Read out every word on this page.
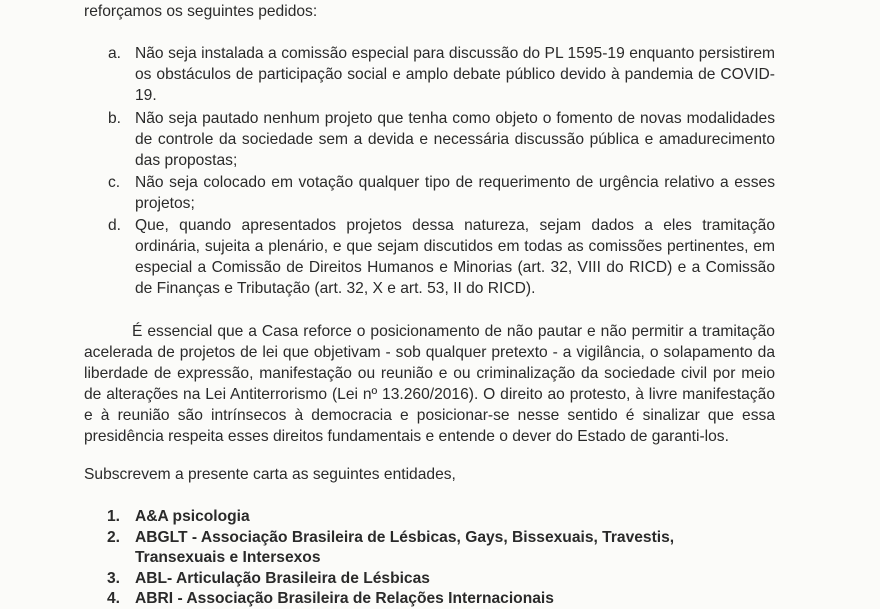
reforçamos os seguintes pedidos:
a. Não seja instalada a comissão especial para discussão do PL 1595-19 enquanto persistirem
os obstáculos de participação social e amplo debate público devido à pandemia de COVID-
19.
b. Não seja pautado nenhum projeto que tenha como objeto o fomento de novas modalidades
de controle da sociedade sem a devida e necessária discussão pública e amadurecimento
das propostas;
c. Não seja colocado em votação qualquer tipo de requerimento de urgência relativo a esses
projetos;
d. Que, quando apresentados projetos dessa natureza, sejam dados a eles tramitação
ordinária, sujeita a plenário, e que sejam discutidos em todas as comissões pertinentes, em
especial a Comissão de Direitos Humanos e Minorias (art. 32, VIII do RICD) e a Comissão
de Finanças e Tributação (art. 32, X e art. 53, II do RICD).
É essencial que a Casa reforce o posicionamento de não pautar e não permitir a tramitação
acelerada de projetos de lei que objetivam - sob qualquer pretexto - a vigilância, o solapamento da
liberdade de expressão, manifestação ou reunião e ou criminalização da sociedade civil por meio
de alterações na Lei Antiterrorismo (Lei nº 13.260/2016). O direito ao protesto, à livre manifestação
e à reunião são intrínsecos à democracia e posicionar-se nesse sentido é sinalizar que essa
presidência respeita esses direitos fundamentais e entende o dever do Estado de garanti-los.
Subscrevem a presente carta as seguintes entidades,
1. A&A psicologia
2. ABGLT - Associação Brasileira de Lésbicas, Gays, Bissexuais, Travestis,
Transexuais e Intersexos
3. ABL- Articulação Brasileira de Lésbicas
4. ABRI - Associação Brasileira de Relações Internacionais
